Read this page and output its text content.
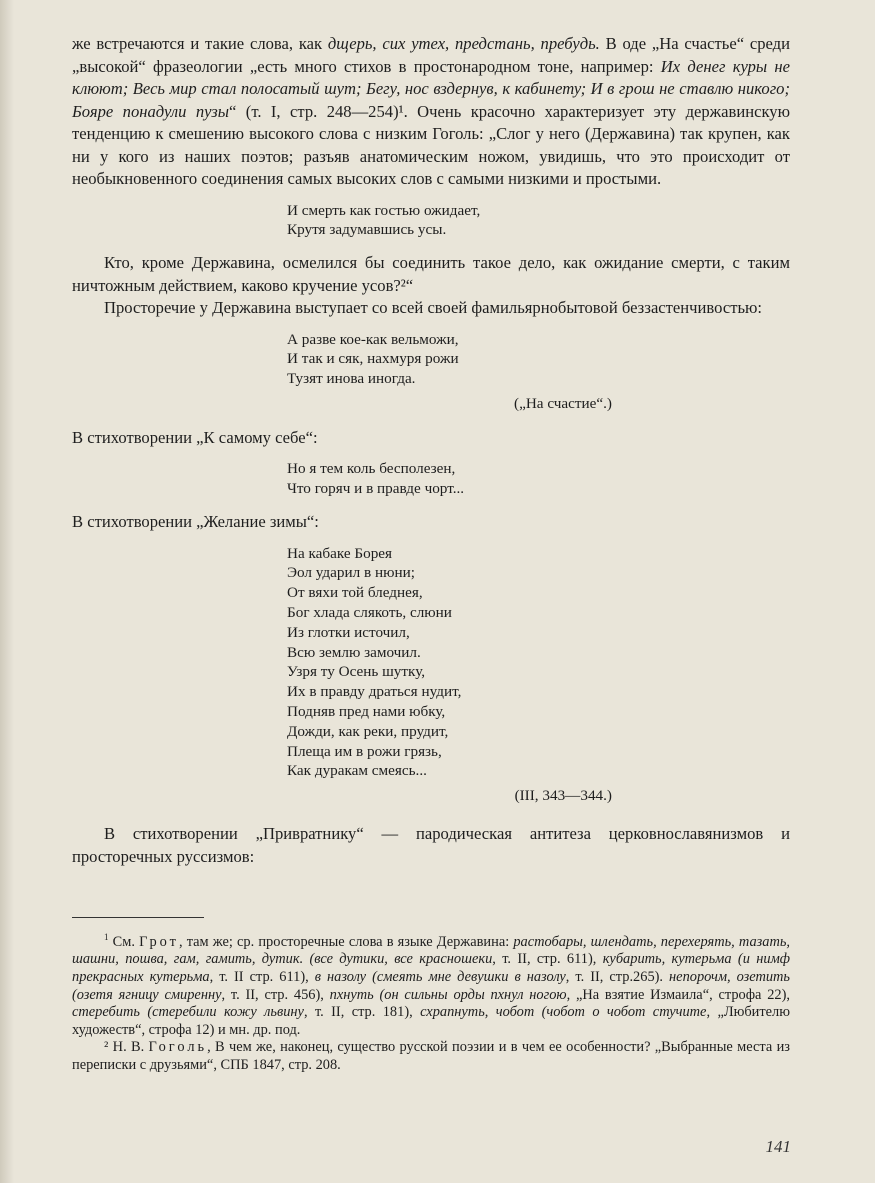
же встречаются и такие слова, как дщерь, сих утех, предстань, пребудь. В оде „На счастье“ среди „высокой“ фразеологии „есть много стихов в простонародном тоне, например: Их денег куры не клюют; Весь мир стал полосатый шут; Бегу, нос вздернув, к кабинету; И в грош не ставлю никого; Бояре понадули пузы“ (т. I, стр. 248—254)¹. Очень красочно характеризует эту державинскую тенденцию к смешению высокого слова с низким Гоголь: „Слог у него (Державина) так крупен, как ни у кого из наших поэтов; разъяв анатомическим ножом, увидишь, что это происходит от необыкновенного соединения самых высоких слов с самыми низкими и простыми.

И смерть как гостью ожидает,
Крутя задумавшись усы.

Кто, кроме Державина, осмелился бы соединить такое дело, как ожидание смерти, с таким ничтожным действием, каково кручение усов?²“

Просторечие у Державина выступает со всей своей фамильярнобытовой беззастенчивостью:

А разве кое-как вельможи,
И так и сяк, нахмуря рожи
Тузят инова иногда.
(„На счастие“.)

В стихотворении „К самому себе“:

Но я тем коль бесполезен,
Что горяч и в правде чорт...

В стихотворении „Желание зимы“:

На кабаке Борея
Эол ударил в нюни;
От вяхи той бледнея,
Бог хлада слякоть, слюни
Из глотки источил,
Всю землю замочил.
Узря ту Осень шутку,
Их в правду драться нудит,
Подняв пред нами юбку,
Дожди, как реки, прудит,
Плеща им в рожи грязь,
Как дуракам смеясь...
(III, 343—344.)

В стихотворении „Привратнику“ — пародическая антитеза церковнославянизмов и просторечных руссизмов:

$^1$ См. Грот, там же; ср. просторечные слова в языке Державина: растобары, шлендать, перехерять, тазать, шашни, пошва, гам, гамить, дутик. (все дутики, все красношеки, т. II, стр. 611), кубарить, кутерьма (и нимф прекрасных кутерьма, т. II стр. 611), в назолу (смеять мне девушки в назолу, т. II, стр.265). непорочм, озетить (озетя ягницу смиренну, т. II, стр. 456), пхнуть (он сильны орды пхнул ногою, „На взятие Измаила“, строфа 22), стеребить (стеребили кожу львину, т. II, стр. 181), схрапнуть, чобот (чобот о чобот стучите, „Любителю художеств“, строфа 12) и мн. др. под.

² Н. В. Гоголь, В чем же, наконец, существо русской поэзии и в чем ее особенности? „Выбранные места из переписки с друзьями“, СПБ 1847, стр. 208.

141
